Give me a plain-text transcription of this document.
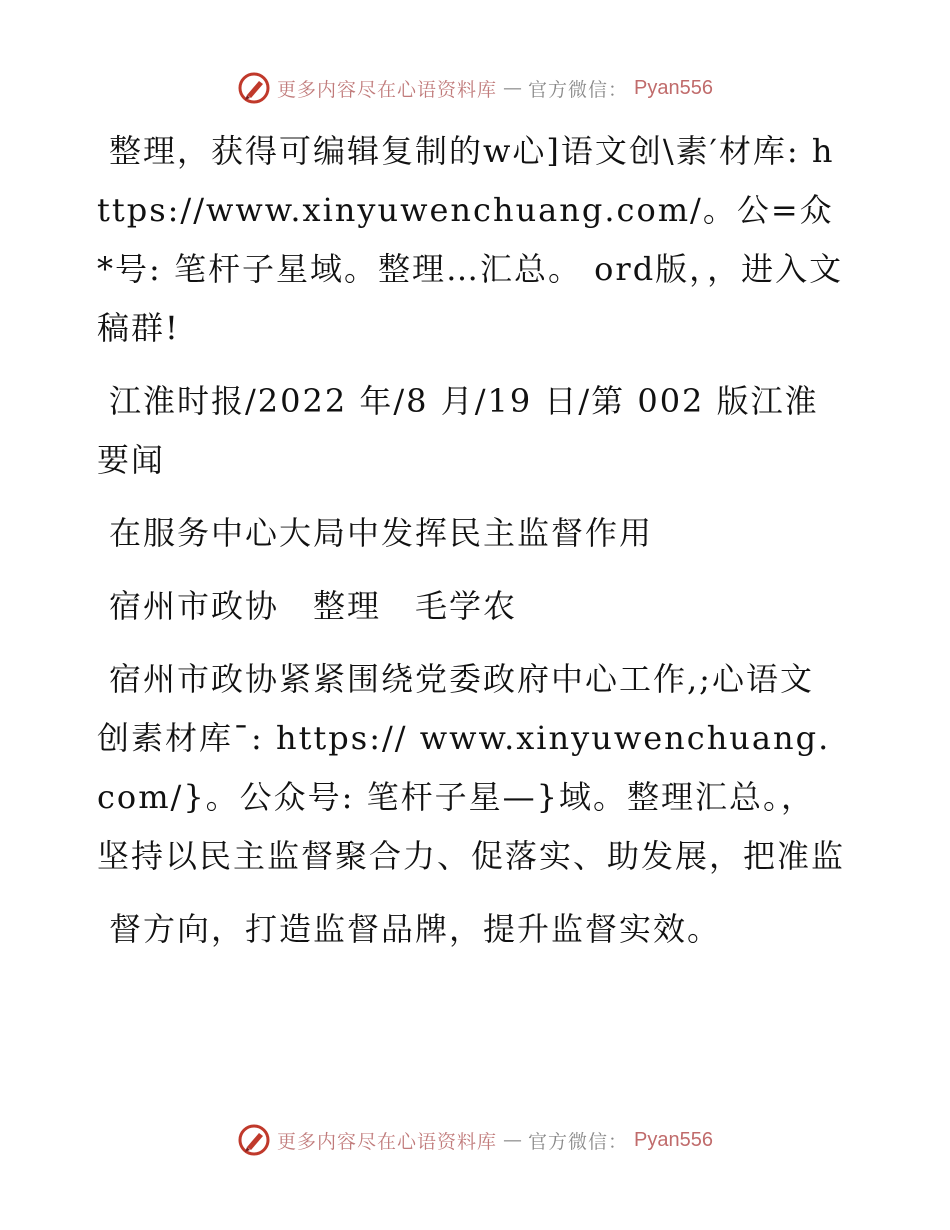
更多内容尽在心语资料库 — 官方微信： Pyan556

整理，获得可编辑复制的w心]语文创\素′材库: https://www.xinyuwenchuang.com/。公=众*号: 笔杆子星域。整理…汇总。 ord版，，进入文稿群!

江淮时报/2022 年/8 月/19 日/第 002 版江淮要闻

在服务中心大局中发挥民主监督作用

宿州市政协　整理　毛学农

宿州市政协紧紧围绕党委政府中心工作,;心语文创素材库¯: https:// www.xinyuwenchuang.com/}。公众号: 笔杆子星—}域。整理汇总。，坚持以民主监督聚合力、促落实、助发展，把准监

督方向，打造监督品牌，提升监督实效。

更多内容尽在心语资料库 — 官方微信： Pyan556
